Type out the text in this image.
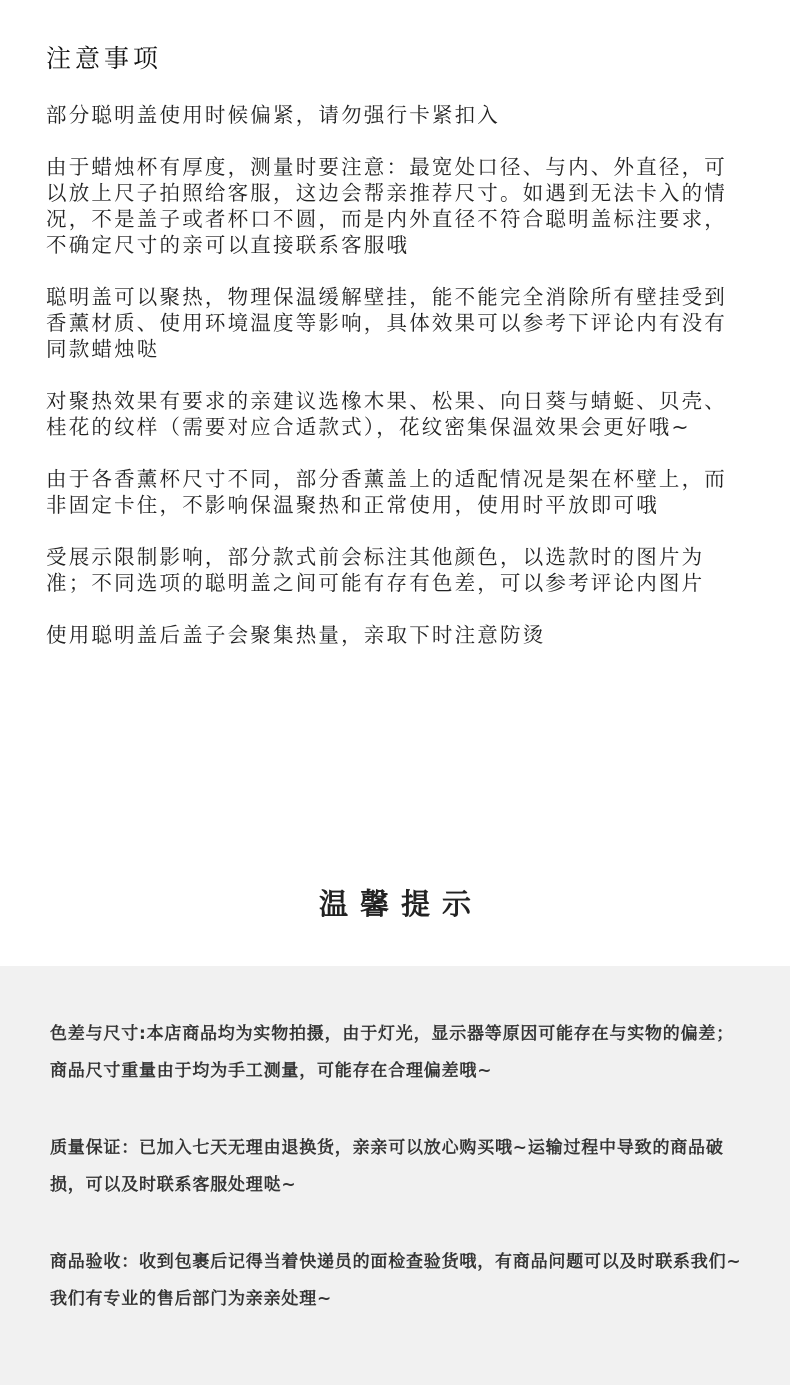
注意事项

部分聪明盖使用时候偏紧，请勿强行卡紧扣入

由于蜡烛杯有厚度，测量时要注意：最宽处口径、与内、外直径，可以放上尺子拍照给客服，这边会帮亲推荐尺寸。如遇到无法卡入的情况，不是盖子或者杯口不圆，而是内外直径不符合聪明盖标注要求，不确定尺寸的亲可以直接联系客服哦

聪明盖可以聚热，物理保温缓解壁挂，能不能完全消除所有壁挂受到香薰材质、使用环境温度等影响，具体效果可以参考下评论内有没有同款蜡烛哒

对聚热效果有要求的亲建议选橡木果、松果、向日葵与蜻蜓、贝壳、桂花的纹样（需要对应合适款式），花纹密集保温效果会更好哦~

由于各香薰杯尺寸不同，部分香薰盖上的适配情况是架在杯壁上，而非固定卡住，不影响保温聚热和正常使用，使用时平放即可哦

受展示限制影响，部分款式前会标注其他颜色，以选款时的图片为准；不同选项的聪明盖之间可能有存有色差，可以参考评论内图片

使用聪明盖后盖子会聚集热量，亲取下时注意防烫

温馨提示

色差与尺寸:本店商品均为实物拍摄，由于灯光，显示器等原因可能存在与实物的偏差；商品尺寸重量由于均为手工测量，可能存在合理偏差哦~

质量保证：已加入七天无理由退换货，亲亲可以放心购买哦~运输过程中导致的商品破损，可以及时联系客服处理哒~

商品验收：收到包裹后记得当着快递员的面检查验货哦，有商品问题可以及时联系我们~我们有专业的售后部门为亲亲处理~
